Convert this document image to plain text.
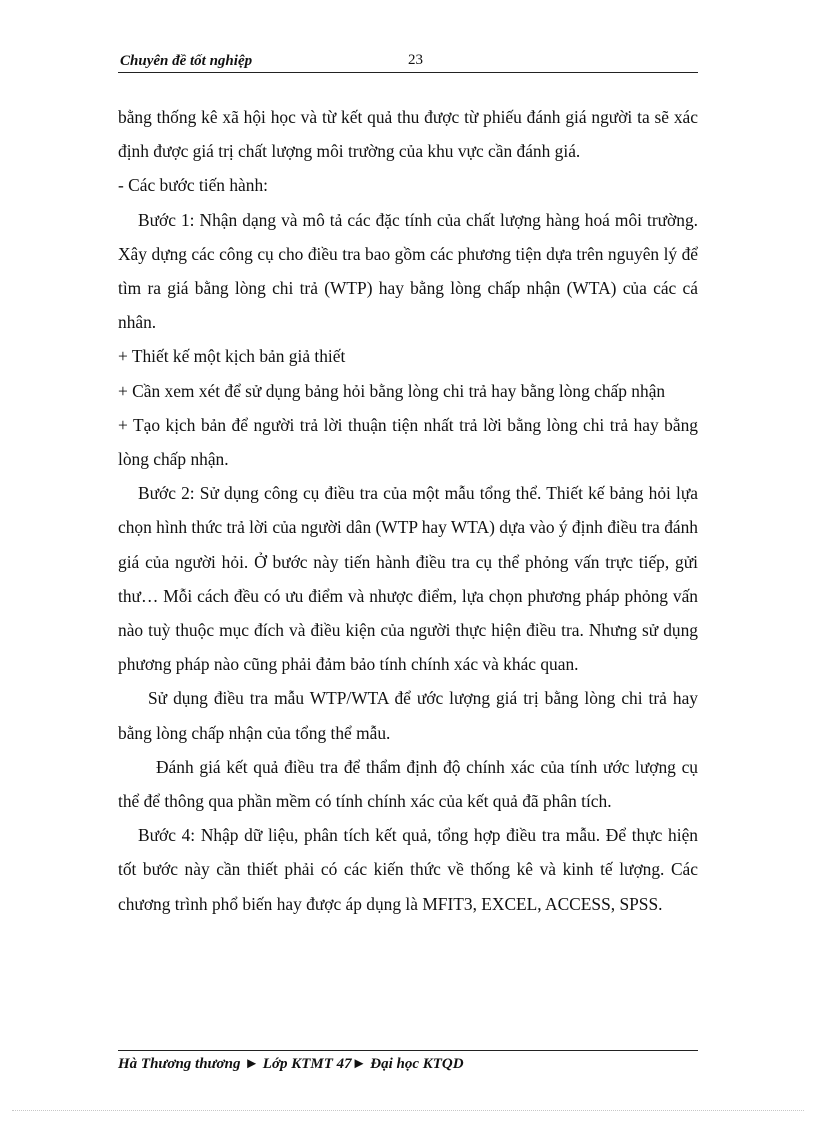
Chuyên đề tốt nghiệp	23

bằng thống kê xã hội học và từ kết quả thu được từ phiếu đánh giá người ta sẽ xác định được giá trị chất lượng môi trường của khu vực cần đánh giá.

- Các bước tiến hành:

Bước 1: Nhận dạng và mô tả các đặc tính của chất lượng hàng hoá môi trường. Xây dựng các công cụ cho điều tra bao gồm các phương tiện dựa trên nguyên lý để tìm ra giá bằng lòng chi trả (WTP) hay bằng lòng chấp nhận (WTA) của các cá nhân.

+ Thiết kế một kịch bản giả thiết

+ Cần xem xét để sử dụng bảng hỏi bằng lòng chi trả hay bằng lòng chấp nhận

+ Tạo kịch bản để người trả lời thuận tiện nhất trả lời bằng lòng chi trả hay bằng lòng chấp nhận.

Bước 2: Sử dụng công cụ điều tra của một mẫu tổng thể. Thiết kế bảng hỏi lựa chọn hình thức trả lời của người dân (WTP hay WTA) dựa vào ý định điều tra đánh giá của người hỏi. Ở bước này tiến hành điều tra cụ thể phỏng vấn trực tiếp, gửi thư… Mỗi cách đều có ưu điểm và nhược điểm, lựa chọn phương pháp phỏng vấn nào tuỳ thuộc mục đích và điều kiện của người thực hiện điều tra. Nhưng sử dụng phương pháp nào cũng phải đảm bảo tính chính xác và khác quan.

Sử dụng điều tra mẫu WTP/WTA để ước lượng giá trị bằng lòng chi trả hay bằng lòng chấp nhận của tổng thể mẫu.

Đánh giá kết quả điều tra để thẩm định độ chính xác của tính ước lượng cụ thể để thông qua phần mềm có tính chính xác của kết quả đã phân tích.

Bước 4: Nhập dữ liệu, phân tích kết quả, tổng hợp điều tra mẫu. Để thực hiện tốt bước này cần thiết phải có các kiến thức về thống kê và kinh tế lượng. Các chương trình phổ biến hay được áp dụng là MFIT3, EXCEL, ACCESS, SPSS.

Hà Thương thương ► Lớp KTMT 47► Đại học KTQD
